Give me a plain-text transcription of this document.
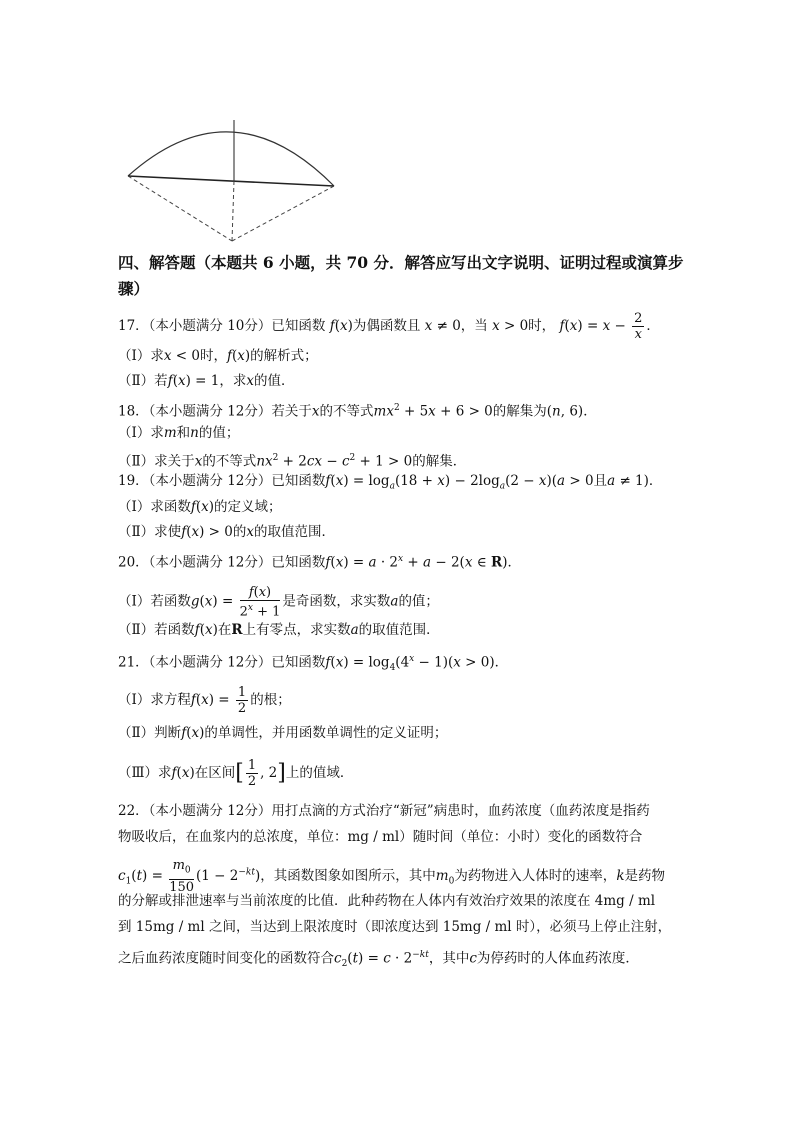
四、解答题（本题共 6 小题，共 70 分．解答应写出文字说明、证明过程或演算步骤）
17．（本小题满分 10分）已知函数 f(x)为偶函数且 x ≠ 0，当 x > 0时， $f(x) = x - \frac{2}{x}$ ．
（Ⅰ）求x < 0时，f(x)的解析式；
（Ⅱ）若f(x) = 1，求x的值．
18．（本小题满分 12分）若关于x的不等式$mx^2 + 5x + 6 > 0$的解集为(n, 6)．
（Ⅰ）求m和n的值；
（Ⅱ）求关于x的不等式$nx^2 + 2cx - c^2 + 1 > 0$的解集．
19．（本小题满分 12分）已知函数$f(x) = \log_a(18 + x) - 2\log_a(2 - x)(a > 0$且a ≠ 1)．
（Ⅰ）求函数f(x)的定义域；
（Ⅱ）求使f(x) > 0的x的取值范围．
20．（本小题满分 12分）已知函数$f(x) = a \cdot 2^x + a - 2(x$ ∈ R)．
（Ⅰ）若函数$g(x) = \frac{f(x)}{2^x + 1}$ 是奇函数，求实数a的值；
（Ⅱ）若函数f(x)在R上有零点，求实数a的取值范围．
21．（本小题满分 12分）已知函数$f(x) = \log_4(4^x - 1)(x > 0)$．
（Ⅰ）求方程$f(x) = \frac{1}{2}$ 的根；
（Ⅱ）判断f(x)的单调性，并用函数单调性的定义证明；
（Ⅲ）求f(x)在区间[ $\frac{1}{2}$ , 2]上的值域．
22．（本小题满分 12分）用打点滴的方式治疗“新冠”病患时，血药浓度（血药浓度是指药
物吸收后，在血浆内的总浓度，单位：mg / ml）随时间（单位：小时）变化的函数符合
$c_1(t) = \frac{m_0}{150} (1 - 2^{-kt})$，其函数图象如图所示，其中$m_0$为药物进入人体时的速率，k是药物
的分解或排泄速率与当前浓度的比值．此种药物在人体内有效治疗效果的浓度在 4mg / ml
到 15mg / ml 之间，当达到上限浓度时（即浓度达到 15mg / ml 时），必须马上停止注射，
之后血药浓度随时间变化的函数符合$c_2(t) = c \cdot 2^{-kt}$，其中c为停药时的人体血药浓度．
